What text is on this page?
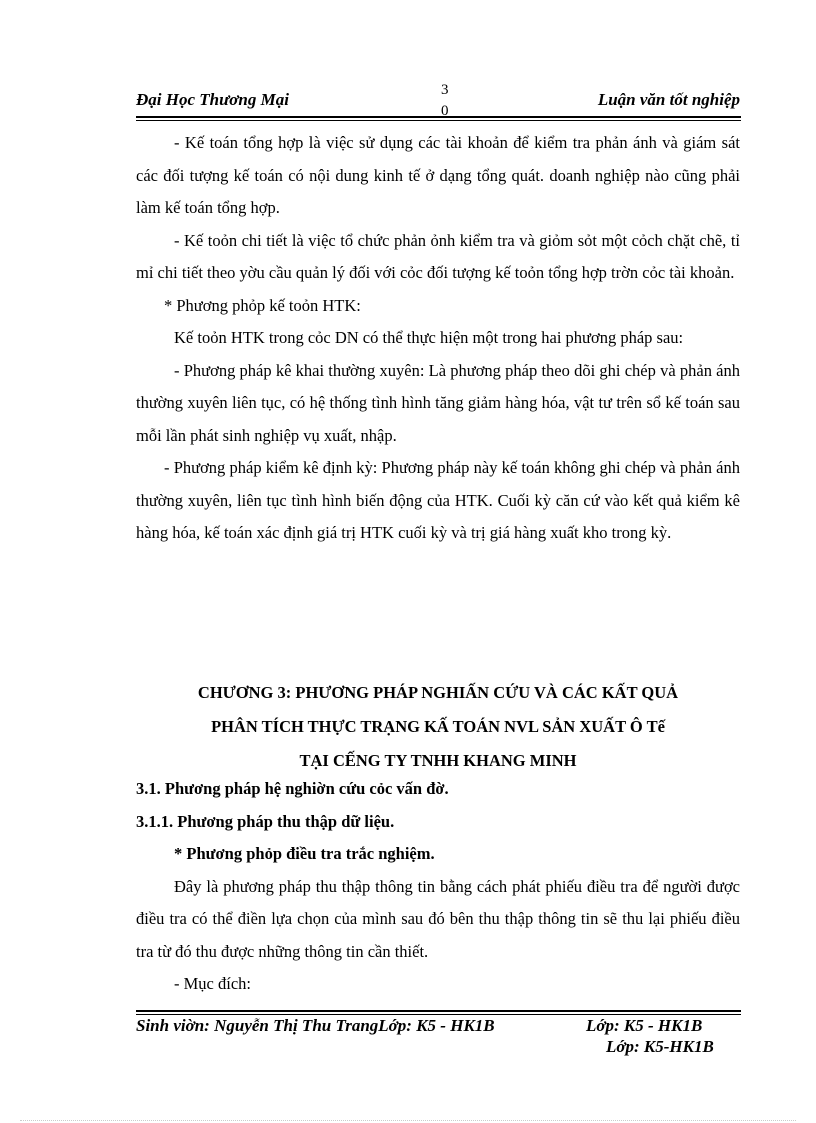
Đại Học Thương Mại	3
0
Luận văn tốt nghiệp

- Kế toán tổng hợp là việc sử dụng các tài khoản để kiểm tra phản ánh và giám sát các đối tượng kế toán có nội dung kinh tế ở dạng tổng quát. doanh nghiệp nào cũng phải làm kế toán tổng hợp.

- Kế toỏn chi tiết là việc tổ chức phản ỏnh kiểm tra và giỏm sỏt một cỏch chặt chẽ, tỉ mỉ chi tiết theo yờu cầu quản lý đối với cỏc đối tượng kế toỏn tổng hợp trờn cỏc tài khoản.

* Phương phỏp kế toỏn HTK:

Kế toỏn HTK trong cỏc DN có thể thực hiện một trong hai phương pháp sau:

- Phương pháp kê khai thường xuyên: Là phương pháp theo dõi ghi chép và phản ánh thường xuyên liên tục, có hệ thống tình hình tăng giảm hàng hóa, vật tư trên sổ kế toán sau mỗi lần phát sinh nghiệp vụ xuất, nhập.

- Phương pháp kiểm kê định kỳ: Phương pháp này kế toán không ghi chép và phản ánh thường xuyên, liên tục tình hình biến động của HTK. Cuối kỳ căn cứ vào kết quả kiểm kê hàng hóa, kế toán xác định giá trị HTK cuối kỳ và trị giá hàng xuất kho trong kỳ.

CHƯƠNG 3: PHƯƠNG PHÁP NGHIẤN CỨU VÀ CÁC KẤT QUẢ
PHÂN TÍCH THỰC TRẠNG KẤ TOÁN NVL SẢN XUẤT Ô Tế
TẠI CẾNG TY TNHH KHANG MINH

3.1. Phương pháp hệ nghiờn cứu cỏc vấn đờ.

3.1.1. Phương pháp thu thập dữ liệu.

* Phương phỏp điều tra trắc nghiệm.

Đây là phương pháp thu thập thông tin bằng cách phát phiếu điều tra để người được điều tra có thể điền lựa chọn của mình sau đó bên thu thập thông tin sẽ thu lại phiếu điều tra từ đó thu được những thông tin cần thiết.

- Mục đích:

Sinh viờn: Nguyễn Thị Thu TrangLớp: K5 - HK1B	Lớp: K5 - HK1B
Lớp: K5-HK1B
